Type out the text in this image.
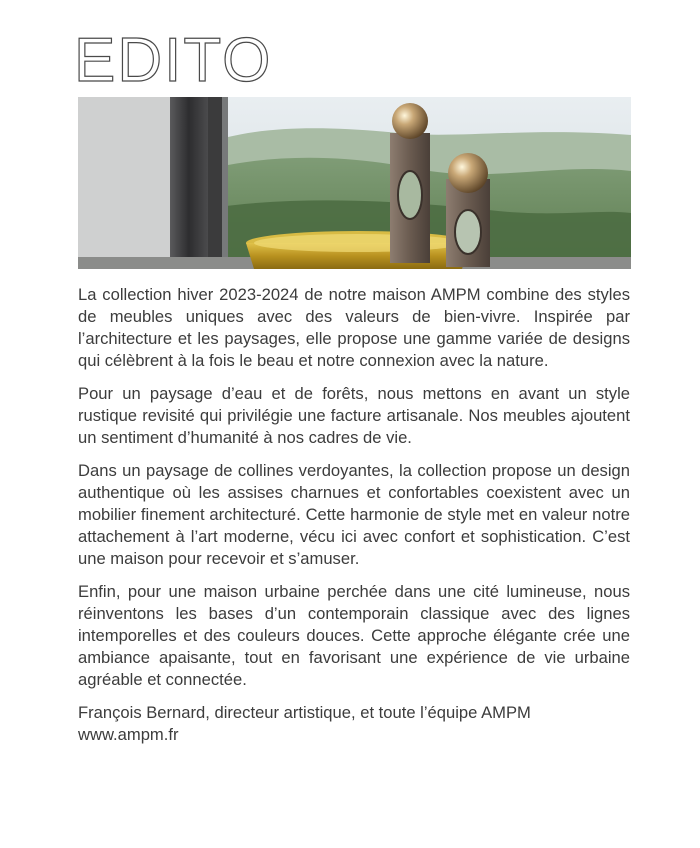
EDITO

La collection hiver 2023-2024 de notre maison AMPM combine des styles de meubles uniques avec des valeurs de bien-vivre. Inspirée par l’architecture et les paysages, elle propose une gamme variée de designs qui célèbrent à la fois le beau et notre connexion avec la nature.

Pour un paysage d’eau et de forêts, nous mettons en avant un style rustique revisité qui privilégie une facture artisanale. Nos meubles ajoutent un sentiment d’humanité à nos cadres de vie.

Dans un paysage de collines verdoyantes, la collection propose un design authentique où les assises charnues et confortables coexistent avec un mobilier finement architecturé. Cette harmonie de style met en valeur notre attachement à l’art moderne, vécu ici avec confort et sophistication. C’est une maison pour recevoir et s’amuser.

Enfin, pour une maison urbaine perchée dans une cité lumineuse, nous réinventons les bases d’un contemporain classique avec des lignes intemporelles et des couleurs douces. Cette approche élégante crée une ambiance apaisante, tout en favorisant une expérience de vie urbaine agréable et connectée.

François Bernard, directeur artistique, et toute l’équipe AMPM
www.ampm.fr
